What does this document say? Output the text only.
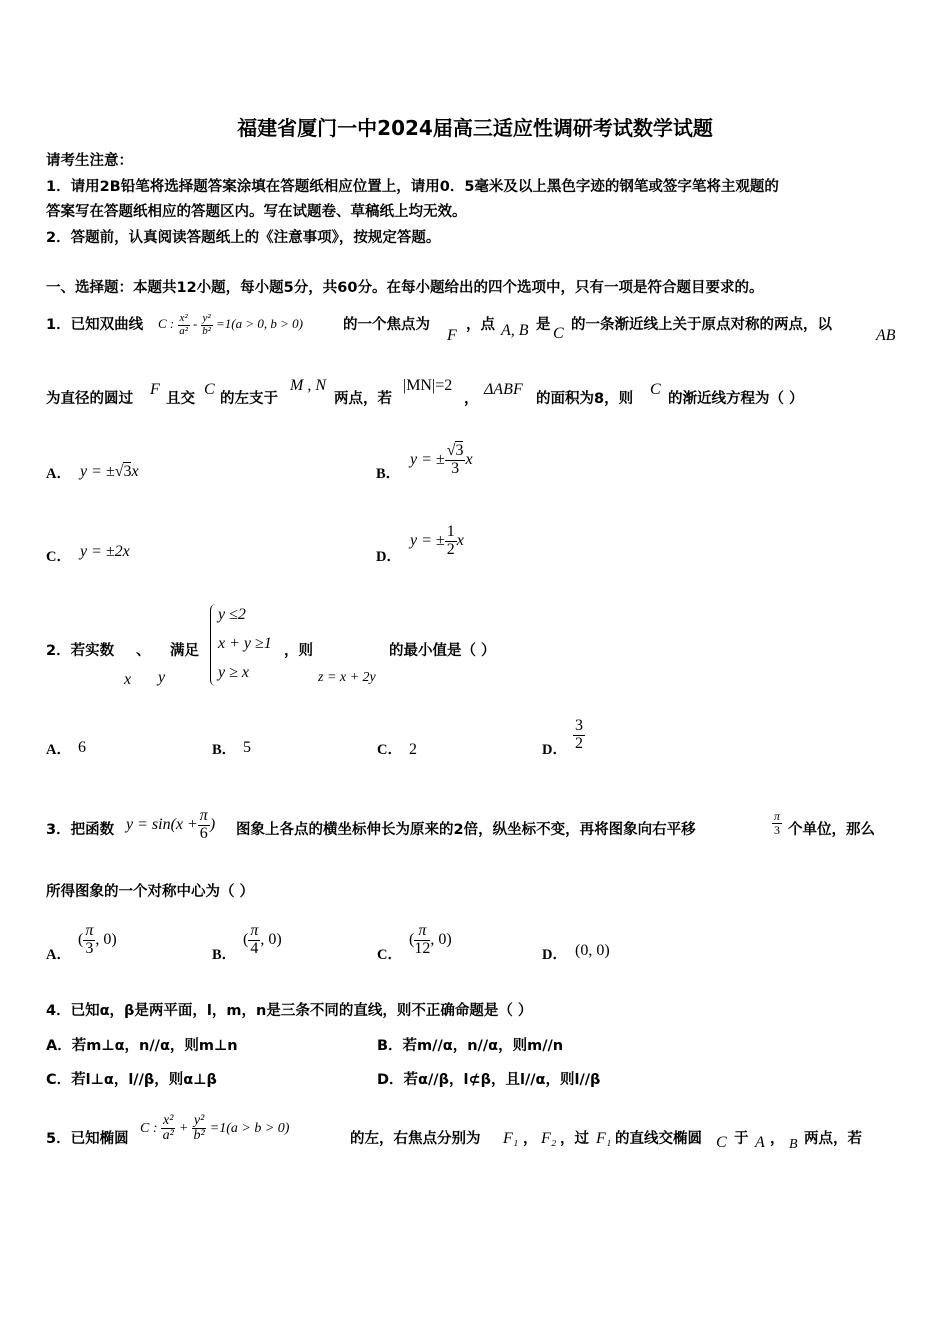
福建省厦门一中2024届高三适应性调研考试数学试题
请考生注意：
1．请用2B铅笔将选择题答案涂填在答题纸相应位置上，请用0．5毫米及以上黑色字迹的钢笔或签字笔将主观题的
答案写在答题纸相应的答题区内。写在试题卷、草稿纸上均无效。
2．答题前，认真阅读答题纸上的《注意事项》，按规定答题。
一、选择题：本题共12小题，每小题5分，共60分。在每小题给出的四个选项中，只有一项是符合题目要求的。
1．已知双曲线 C : $\frac{\text{x²}}{\text{a²}} - \frac{\text{y²}}{\text{b²}} =1(a > 0$, b > 0)	的一个焦点为
F
，点 A, B 是 C 的一条渐近线上关于原点对称的两点，以
AB
为直径的圆过
F
且交
C
的左支于
M , N
两点，若
|MN|=2
，
ΔABF
的面积为8，则
C
的渐近线方程为（ ）
A． y = ±√3x	B．
y = ± $\frac{√3}{3}$ x
C． y = ±2x	D．
y = ± $\frac{1}{2}$ x
2．若实数 、 满足
x y
y ≤2
x + y ≥1
y ≥ x
，则
z = x + 2y
的最小值是（ ）
A． 6	B． 5	C． 2	D． $\frac{3}{2}$
3．把函数 $y = \sin(x + \frac{\pi}{6}$ ) 图象上各点的横坐标伸长为原来的2倍，纵坐标不变，再将图象向右平移	$\frac{\pi}{3}$ 个单位，那么
所得图象的一个对称中心为（ ）
A．
( $\frac{\pi}{3}$ , 0)
B．
( $\frac{\pi}{4}$ , 0)
C．
( $\frac{\pi}{12}$ , 0)
D． (0, 0)
4．已知α，β是两平面，l，m，n是三条不同的直线，则不正确命题是（ ）
A．若m⊥α，n//α，则m⊥n	B．若m//α，n//α，则m//n
C．若l⊥α，l//β，则α⊥β	D．若α//β，l⊄β，且l//α，则l//β
5．已知椭圆
C : $\frac{\text{x²}}{\text{a²}} + \frac{\text{y²}}{\text{b²}} =1(a > b > 0)$
的左，右焦点分别为 F₁ ， F₂ ，过 F₁ 的直线交椭圆 C 于 A ， B 两点，若
